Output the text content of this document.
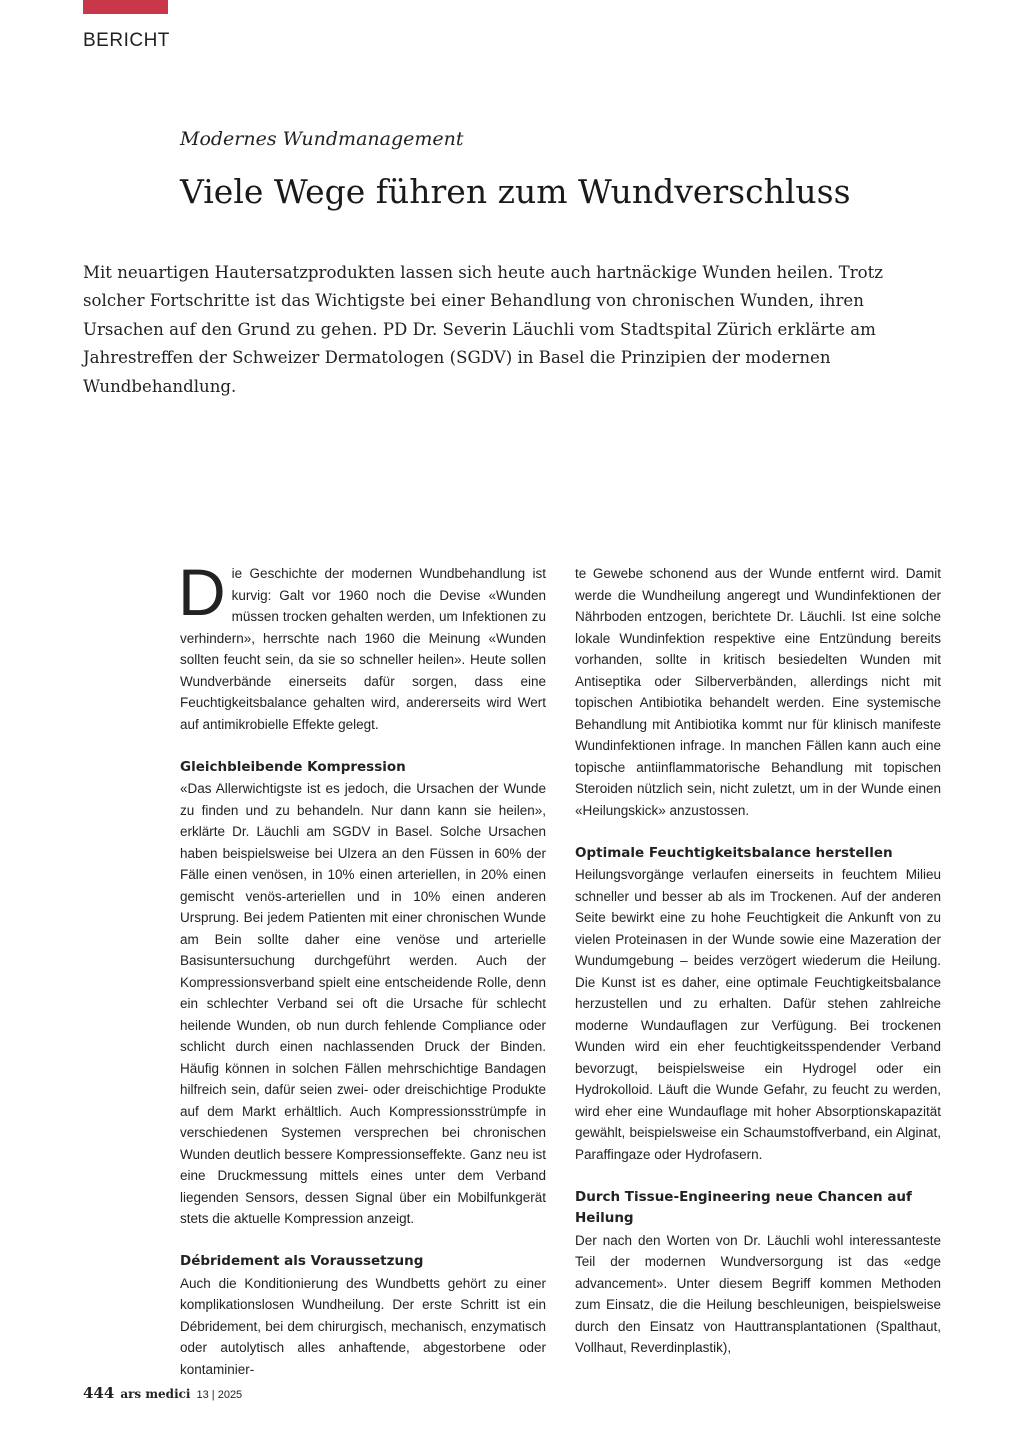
BERICHT
Modernes Wundmanagement
Viele Wege führen zum Wundverschluss

Mit neuartigen Hautersatzprodukten lassen sich heute auch hartnäckige Wunden heilen. Trotz solcher Fortschritte ist das Wichtigste bei einer Behandlung von chronischen Wunden, ihren Ursachen auf den Grund zu gehen. PD Dr. Severin Läuchli vom Stadtspital Zürich erklärte am Jahrestreffen der Schweizer Dermatologen (SGDV) in Basel die Prinzipien der modernen Wundbehandlung.

Die Geschichte der modernen Wundbehandlung ist kurvig: Galt vor 1960 noch die Devise «Wunden müssen trocken gehalten werden, um Infektionen zu verhindern», herrschte nach 1960 die Meinung «Wunden sollten feucht sein, da sie so schneller heilen». Heute sollen Wundverbände einerseits dafür sorgen, dass eine Feuchtigkeitsbalance gehalten wird, andererseits wird Wert auf antimikrobielle Effekte gelegt.

Gleichbleibende Kompression

«Das Allerwichtigste ist es jedoch, die Ursachen der Wunde zu finden und zu behandeln. Nur dann kann sie heilen», erklärte Dr. Läuchli am SGDV in Basel. Solche Ursachen haben beispielsweise bei Ulzera an den Füssen in 60% der Fälle einen venösen, in 10% einen arteriellen, in 20% einen gemischt venös-arteriellen und in 10% einen anderen Ursprung. Bei jedem Patienten mit einer chronischen Wunde am Bein sollte daher eine venöse und arterielle Basisuntersuchung durchgeführt werden. Auch der Kompressionsverband spielt eine entscheidende Rolle, denn ein schlechter Verband sei oft die Ursache für schlecht heilende Wunden, ob nun durch fehlende Compliance oder schlicht durch einen nachlassenden Druck der Binden. Häufig können in solchen Fällen mehrschichtige Bandagen hilfreich sein, dafür seien zwei- oder dreischichtige Produkte auf dem Markt erhältlich. Auch Kompressionsstrümpfe in verschiedenen Systemen versprechen bei chronischen Wunden deutlich bessere Kompressionseffekte. Ganz neu ist eine Druckmessung mittels eines unter dem Verband liegenden Sensors, dessen Signal über ein Mobilfunkgerät stets die aktuelle Kompression anzeigt.

Débridement als Voraussetzung

Auch die Konditionierung des Wundbetts gehört zu einer komplikationslosen Wundheilung. Der erste Schritt ist ein Débridement, bei dem chirurgisch, mechanisch, enzymatisch oder autolytisch alles anhaftende, abgestorbene oder kontaminier-

te Gewebe schonend aus der Wunde entfernt wird. Damit werde die Wundheilung angeregt und Wundinfektionen der Nährboden entzogen, berichtete Dr. Läuchli. Ist eine solche lokale Wundinfektion respektive eine Entzündung bereits vorhanden, sollte in kritisch besiedelten Wunden mit Antiseptika oder Silberverbänden, allerdings nicht mit topischen Antibiotika behandelt werden. Eine systemische Behandlung mit Antibiotika kommt nur für klinisch manifeste Wundinfektionen infrage. In manchen Fällen kann auch eine topische antiinflammatorische Behandlung mit topischen Steroiden nützlich sein, nicht zuletzt, um in der Wunde einen «Heilungskick» anzustossen.

Optimale Feuchtigkeitsbalance herstellen

Heilungsvorgänge verlaufen einerseits in feuchtem Milieu schneller und besser ab als im Trockenen. Auf der anderen Seite bewirkt eine zu hohe Feuchtigkeit die Ankunft von zu vielen Proteinasen in der Wunde sowie eine Mazeration der Wundumgebung – beides verzögert wiederum die Heilung. Die Kunst ist es daher, eine optimale Feuchtigkeitsbalance herzustellen und zu erhalten. Dafür stehen zahlreiche moderne Wundauflagen zur Verfügung. Bei trockenen Wunden wird ein eher feuchtigkeitsspendender Verband bevorzugt, beispielsweise ein Hydrogel oder ein Hydrokolloid. Läuft die Wunde Gefahr, zu feucht zu werden, wird eher eine Wundauflage mit hoher Absorptionskapazität gewählt, beispielsweise ein Schaumstoffverband, ein Alginat, Paraffingaze oder Hydrofasern.

Durch Tissue-Engineering neue Chancen auf Heilung

Der nach den Worten von Dr. Läuchli wohl interessanteste Teil der modernen Wundversorgung ist das «edge advancement». Unter diesem Begriff kommen Methoden zum Einsatz, die die Heilung beschleunigen, beispielsweise durch den Einsatz von Hauttransplantationen (Spalthaut, Vollhaut, Reverdinplastik),

444 ars medici 13 | 2025
